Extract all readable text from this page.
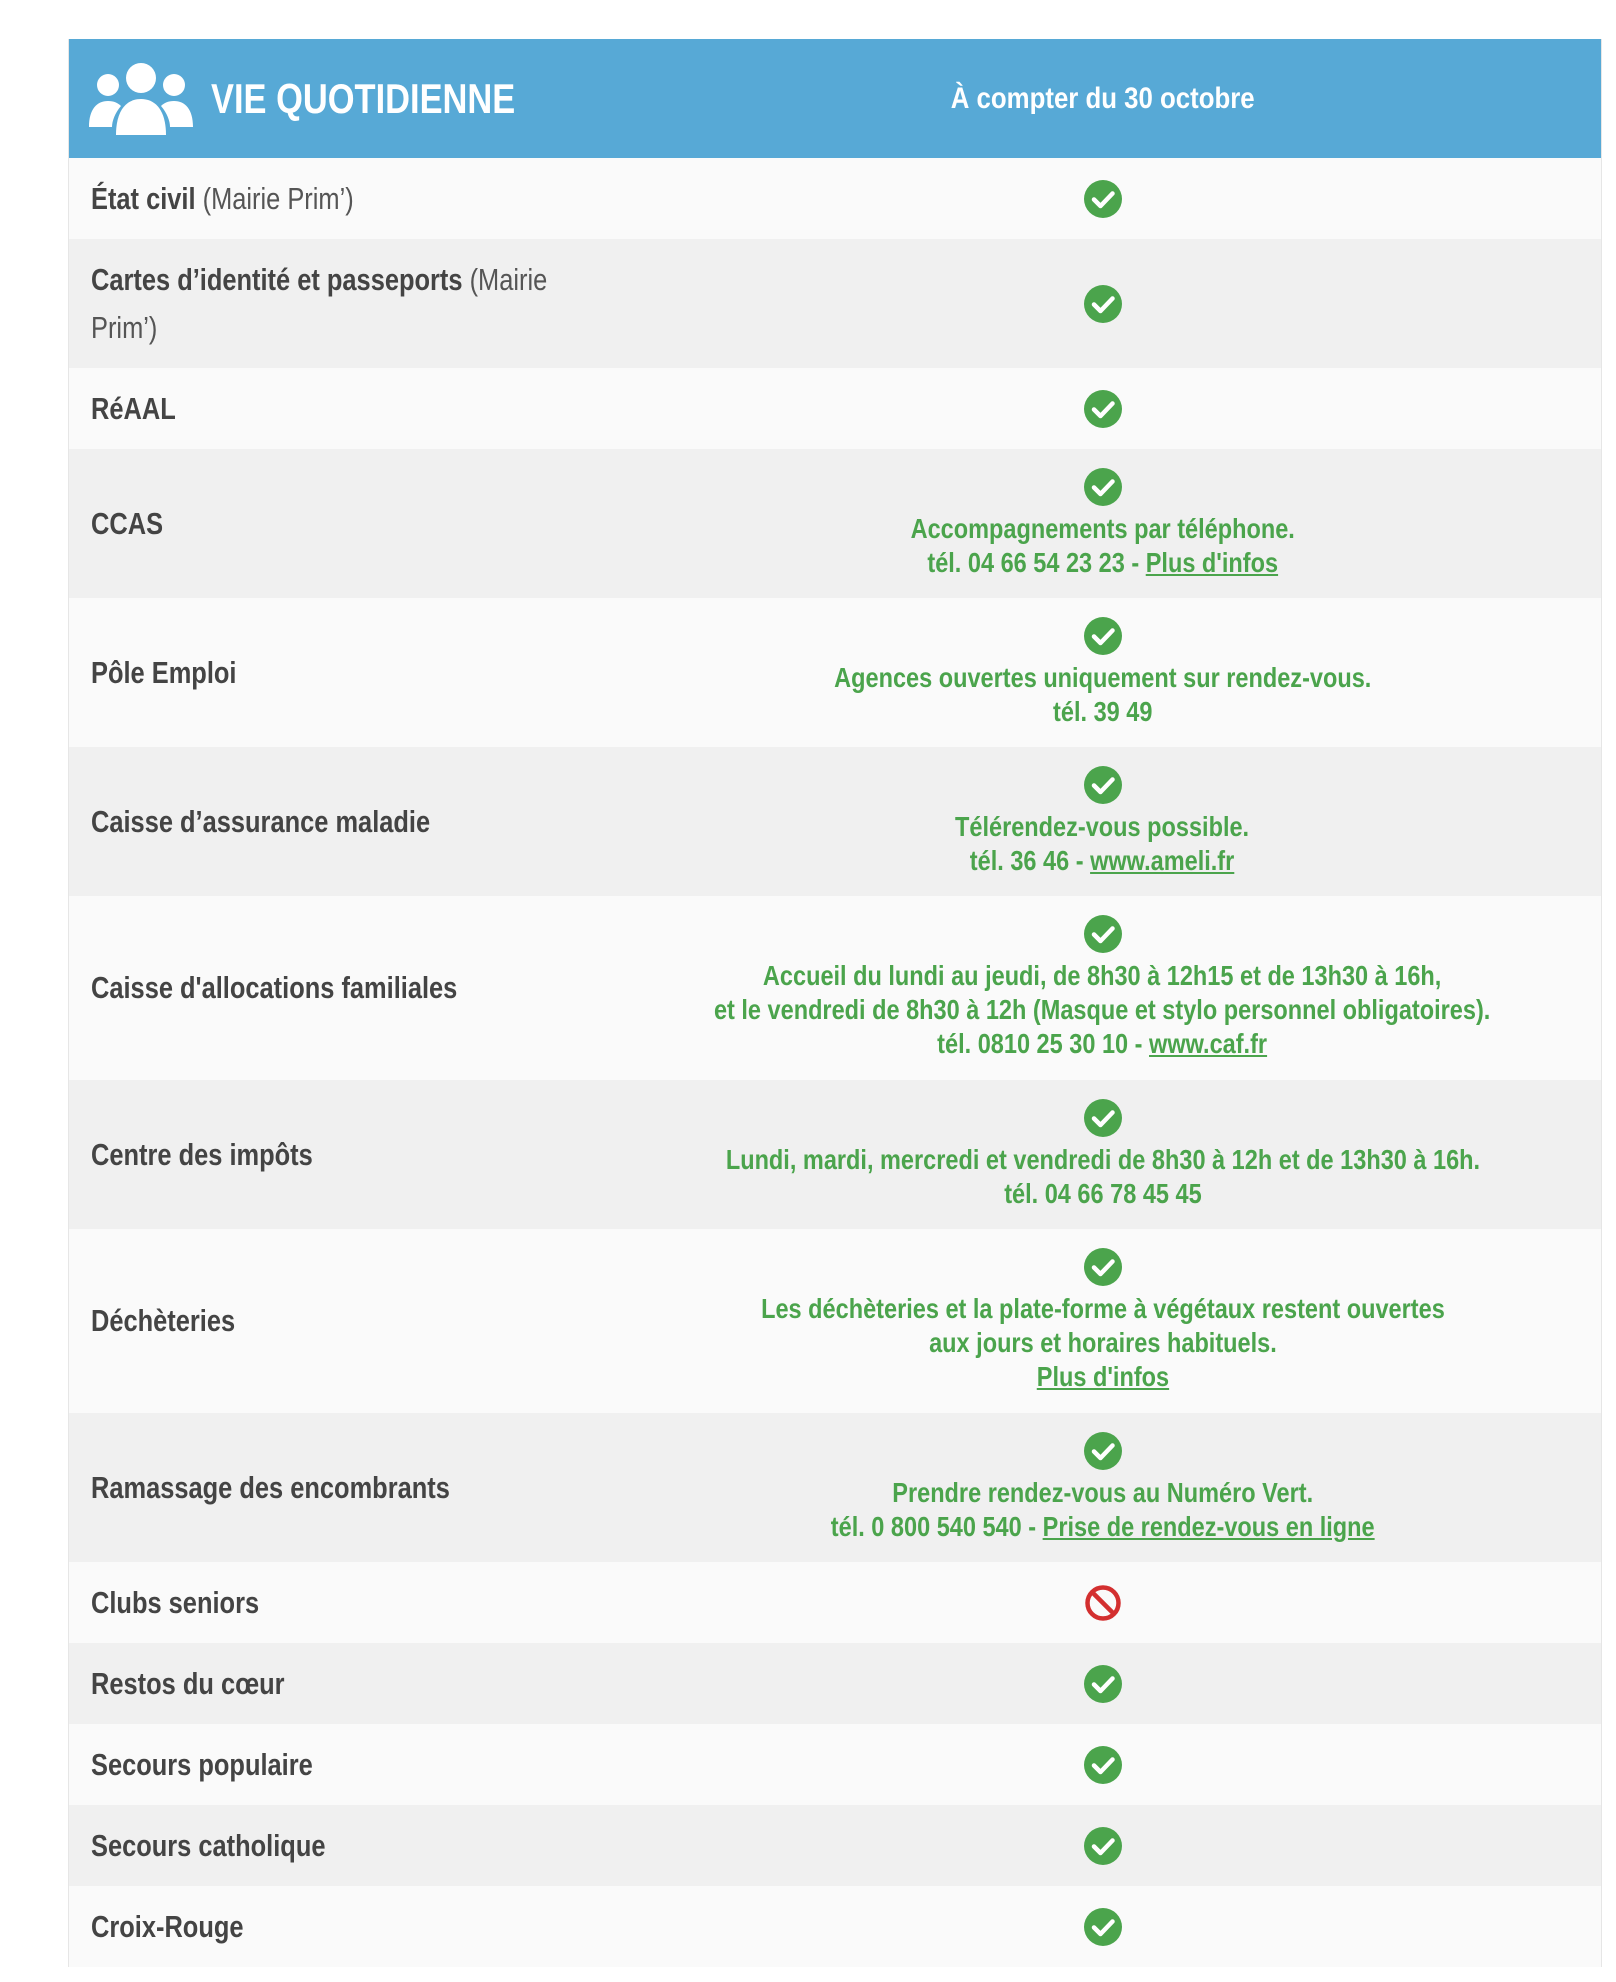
VIE QUOTIDIENNE	À compter du 30 octobre
État civil (Mairie Prim’)
Cartes d’identité et passeports (Mairie Prim’)
RéAAL
CCAS	Accompagnements par téléphone.
tél. 04 66 54 23 23 - Plus d'infos
Pôle Emploi	Agences ouvertes uniquement sur rendez-vous.
tél. 39 49
Caisse d’assurance maladie	Télérendez-vous possible.
tél. 36 46 - www.ameli.fr
Caisse d'allocations familiales	Accueil du lundi au jeudi, de 8h30 à 12h15 et de 13h30 à 16h,
et le vendredi de 8h30 à 12h (Masque et stylo personnel obligatoires).
tél. 0810 25 30 10 - www.caf.fr
Centre des impôts	Lundi, mardi, mercredi et vendredi de 8h30 à 12h et de 13h30 à 16h.
tél. 04 66 78 45 45
Déchèteries	Les déchèteries et la plate-forme à végétaux restent ouvertes
aux jours et horaires habituels.
Plus d'infos
Ramassage des encombrants	Prendre rendez-vous au Numéro Vert.
tél. 0 800 540 540 - Prise de rendez-vous en ligne
Clubs seniors
Restos du cœur
Secours populaire
Secours catholique
Croix-Rouge
